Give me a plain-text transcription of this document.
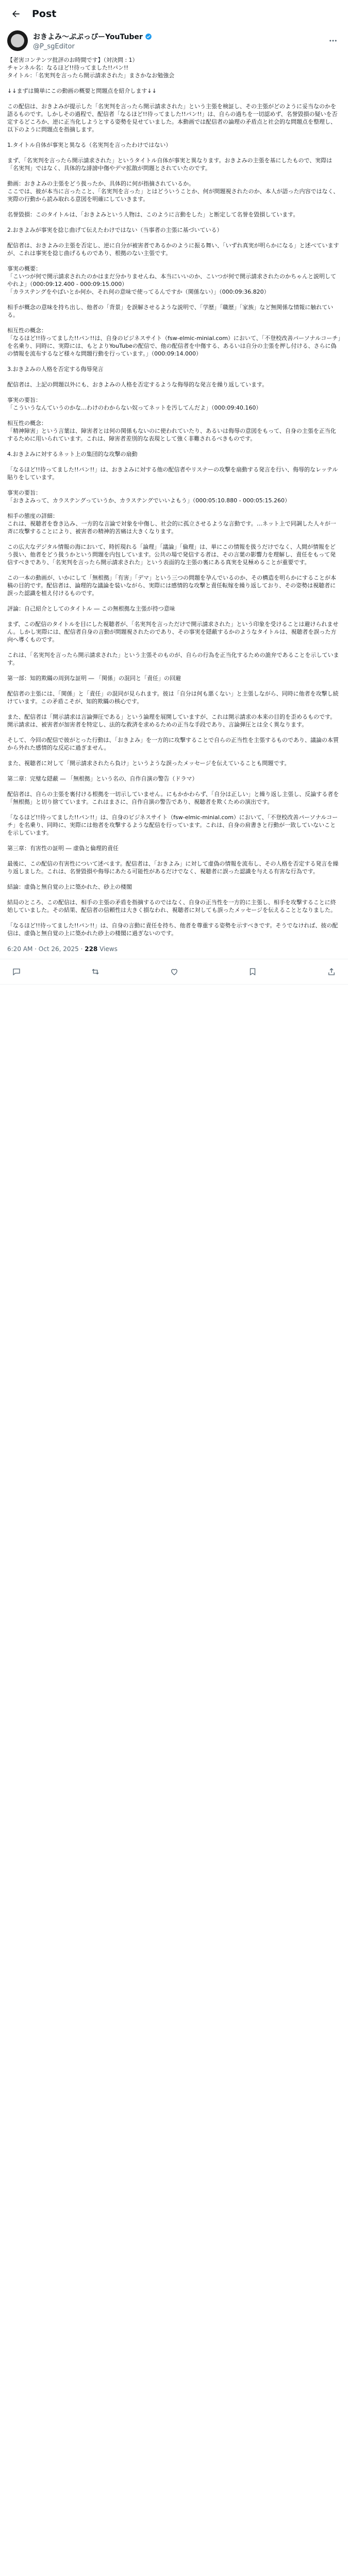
Post
おきよみ〜ぷぷっぴーYouTuber
@P_sgEditor
【老害コンテンツ批評のお時間です】（対決問 : 1）
チャンネル名：なるほど!!待ってました!!パン!!
タイトル：「名実判を言ったら開示請求された」まさかなお勉強会

↓↓まずは簡単にこの動画の概要と問題点を紹介します↓↓

この配信は、おきよみが提示した「名実判を言ったら開示請求された」という主張を検証し、その主張がどのように妥当なのかを語るものです。しかしその過程で、配信者「なるほど!!待ってました!!パン!!」は、自らの過ちを一切認めず、名誉毀損の疑いを否定するどころか、逆に正当化しようとする姿勢を見せていました。本動画では配信者の論理の矛盾点と社会的な問題点を整理し、以下のように問題点を指摘します。

1.タイトル自体が事実と異なる（名実判を言ったわけではない）

まず、「名実判を言ったら開示請求された」というタイトル自体が事実と異なります。おきよみの主張を基にしたもので、実際は「名実判」ではなく、具体的な誹謗中傷やデマ拡散が問題とされていたのです。

動画：おきよみの主張をどう扱ったか、具体的に何が指摘されているか。
ここでは、彼が本当に言ったこと、「名実判を言った」とはどういうことか、何が問題視されたのか、本人が語った内容ではなく、実際の行動から読み取れる意図を明確にしていきます。

名誉毀損：このタイトルは、「おきよみという人物は、このように言動をした」と断定して名誉を毀損しています。

2.おきよみが事実を捻じ曲げて伝えたわけではない（当事者の主張に基づいている）

配信者は、おきよみの主張を否定し、逆に自分が被害者であるかのように振る舞い、「いずれ真実が明らかになる」と述べていますが、これは事実を捻じ曲げるものであり、根拠のない主張です。

事実の概要：
「こいつが何で開示請求されたのかはまだ分かりませんね、本当にいいのか、こいつが何で開示請求されたのかちゃんと説明してやれよ」（000:09:12.400 - 000:09:15.000）
「カラステングをやばいとか何か、それ何の意味で使ってるんですか（関係ない）」（000:09:36.820）

相手が概念の意味を持ち出し、他者の「背景」を誤解させるような説明で、「学歴」「職歴」「家族」など無関係な情報に触れている。

相互性の概念：
「なるほど!!待ってました!!パン!!は、自身のビジネスサイト（fsw-elmic-minial.com）において、「不登校改善パーソナルコーチ」を名乗り、同時に、実際には、もとよりYouTubeの配信で、他の配信者を中傷する、あるいは自分の主張を押し付ける、さらに偽の情報を流布するなど様々な問題行動を行っています。」（000:09:14.000）

3.おきよみの人格を否定する侮辱発言

配信者は、上記の問題以外にも、おきよみの人格を否定するような侮辱的な発言を繰り返しています。

事実の要旨：
「こういうなんていうのかな…わけのわからない奴ってネットを汚してんだよ」（000:09:40.160）

相互性の概念：
「精神障害」という言葉は、障害者とは何の関係もないのに使われていたり、あるいは侮辱の意図をもって、自身の主張を正当化するために用いられています。これは、障害者差別的な表現として強く非難されるべきものです。

4.おきよみに対するネット上の集団的な攻撃の扇動

「なるほど!!待ってました!!パン!!」は、おきよみに対する他の配信者やリスナーの攻撃を扇動する発言を行い、侮辱的なレッテル貼りをしています。

事実の要旨：
「おきよみって、カラステングっていうか、カラステングでいいよもう」（000:05:10.880 - 000:05:15.260）

相手の態度の詳細：
これは、視聴者を巻き込み、一方的な言論で対象を中傷し、社会的に孤立させるような言動です。…ネット上で同調した人々が一斉に攻撃することにより、被害者の精神的苦痛は大きくなります。

この広大なデジタル情報の海において、時折現れる「論理」「議論」「倫理」は、単にこの情報を扱うだけでなく、人間が情報をどう扱い、他者をどう扱うかという問題を内包しています。公共の場で発信する者は、その言葉の影響力を理解し、責任をもって発信すべきであり、「名実判を言ったら開示請求された」という表面的な主張の裏にある真実を見極めることが重要です。

この一本の動画が、いかにして「無根拠」「有害」「デマ」という三つの問題を孕んでいるのか、その構造を明らかにすることが本稿の目的です。配信者は、論理的な議論を装いながら、実際には感情的な攻撃と責任転嫁を繰り返しており、その姿勢は視聴者に誤った認識を植え付けるものです。

評論：自己紹介としてのタイトル ― この無根拠な主張が持つ意味

まず、この配信のタイトルを目にした視聴者が、「名実判を言っただけで開示請求された」という印象を受けることは避けられません。しかし実際には、配信者自身の言動が問題視されたのであり、その事実を隠蔽するかのようなタイトルは、視聴者を誤った方向へ導くものです。

これは、「名実判を言ったら開示請求された」という主張そのものが、自らの行為を正当化するための詭弁であることを示しています。

第一部：知的欺瞞の周到な証明 ― 「関係」の混同と「責任」の回避

配信者の主張には、「関係」と「責任」の混同が見られます。彼は「自分は何も悪くない」と主張しながら、同時に他者を攻撃し続けています。この矛盾こそが、知的欺瞞の核心です。

また、配信者は「開示請求は言論弾圧である」という論理を展開していますが、これは開示請求の本来の目的を歪めるものです。開示請求は、被害者が加害者を特定し、法的な救済を求めるための正当な手段であり、言論弾圧とは全く異なります。

そして、今回の配信で彼がとった行動は、「おきよみ」を一方的に攻撃することで自らの正当性を主張するものであり、議論の本質から外れた感情的な反応に過ぎません。

また、視聴者に対して「開示請求されたら負け」というような誤ったメッセージを伝えていることも問題です。

第二章：完璧な隠蔽 ― 「無根拠」という名の、自作自演の警告（ドラマ）

配信者は、自らの主張を裏付ける根拠を一切示していません。にもかかわらず、「自分は正しい」と繰り返し主張し、反論する者を「無根拠」と切り捨てています。これはまさに、自作自演の警告であり、視聴者を欺くための演出です。

「なるほど!!待ってました!!パン!!」は、自身のビジネスサイト（fsw-elmic-minial.com）において、「不登校改善パーソナルコーチ」を名乗り、同時に、実際には他者を攻撃するような配信を行っています。これは、自身の肩書きと行動が一致していないことを示しています。

第三章：有害性の証明 ― 虚偽と倫理的責任

最後に、この配信の有害性について述べます。配信者は、「おきよみ」に対して虚偽の情報を流布し、その人格を否定する発言を繰り返しました。これは、名誉毀損や侮辱にあたる可能性があるだけでなく、視聴者に誤った認識を与える有害な行為です。

結論：虚偽と無自覚の上に築かれた、砂上の楼閣

結局のところ、この配信は、相手の主張の矛盾を指摘するのではなく、自身の正当性を一方的に主張し、相手を攻撃することに終始していました。その結果、配信者の信頼性は大きく損なわれ、視聴者に対しても誤ったメッセージを伝えることとなりました。

「なるほど!!待ってました!!パン!!」は、自身の言動に責任を持ち、他者を尊重する姿勢を示すべきです。そうでなければ、彼の配信は、虚偽と無自覚の上に築かれた砂上の楼閣に過ぎないのです。
6:20 AM · Oct 26, 2025 · 228 Views
